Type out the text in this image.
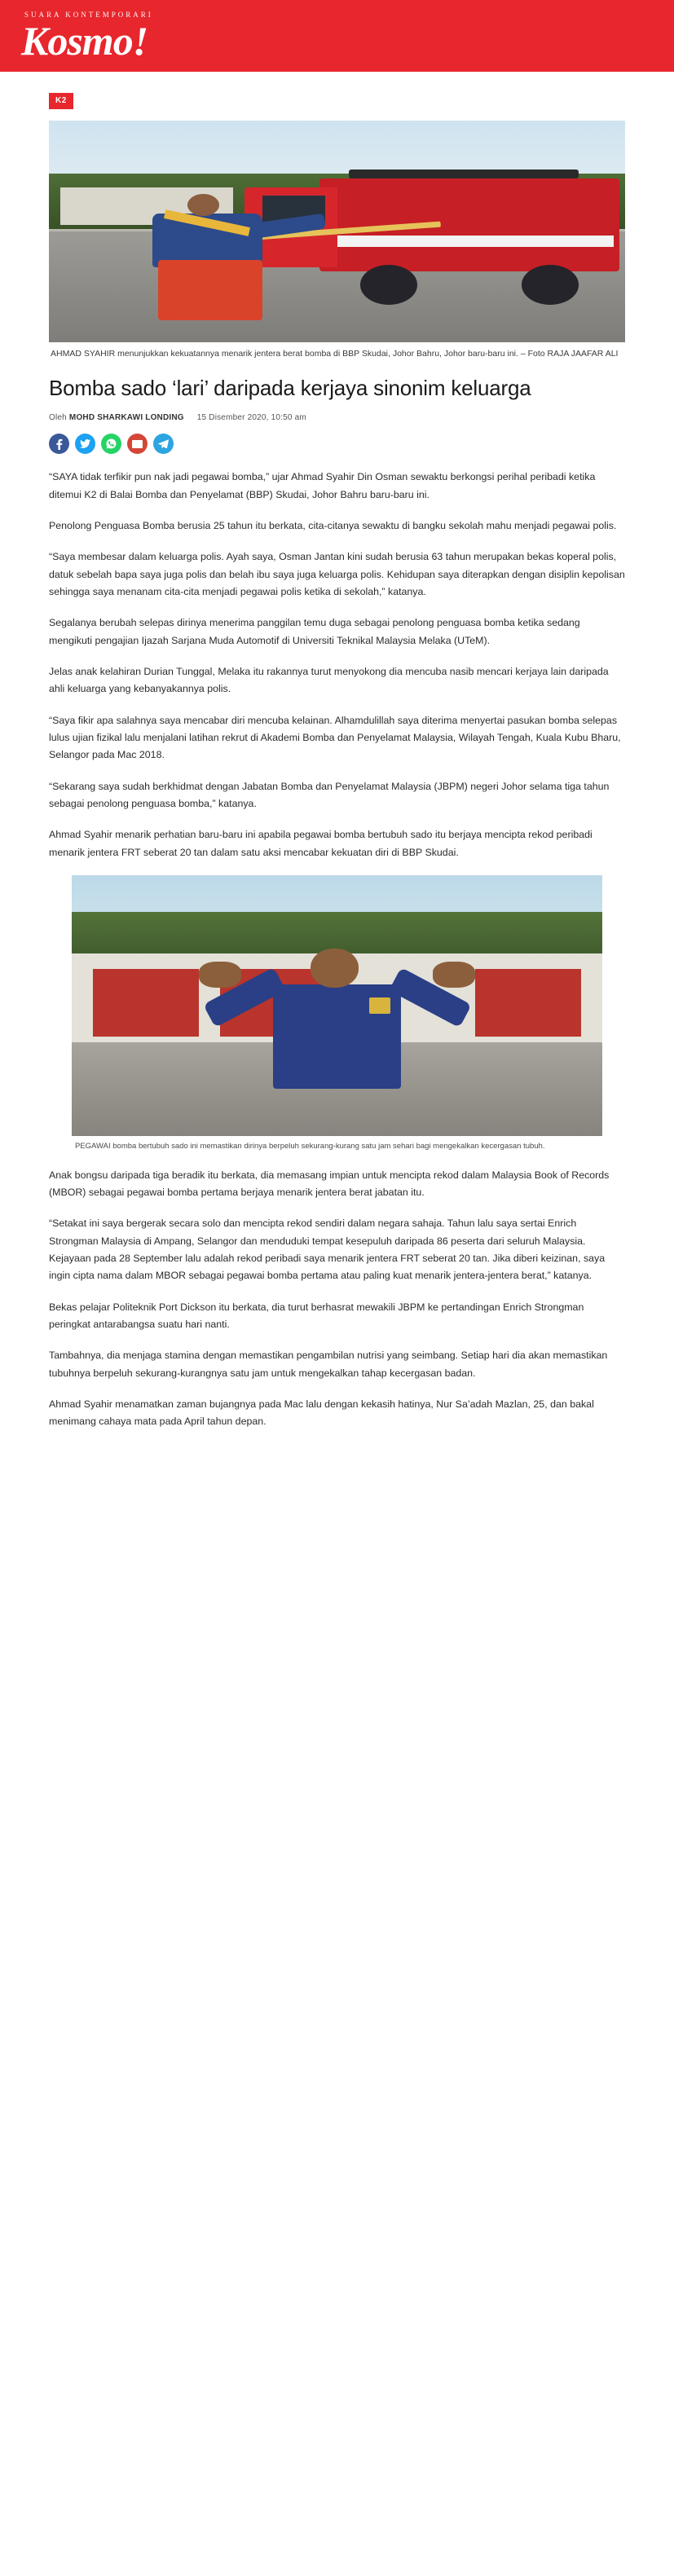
SUARA KONTEMPORARI
Kosmo!
K2
AHMAD SYAHIR menunjukkan kekuatannya menarik jentera berat bomba di BBP Skudai, Johor Bahru, Johor baru-baru ini. – Foto RAJA JAAFAR ALI
Bomba sado ‘lari’ daripada kerjaya sinonim keluarga
Oleh MOHD SHARKAWI LONDING 15 Disember 2020, 10:50 am

“SAYA tidak terfikir pun nak jadi pegawai bomba,” ujar Ahmad Syahir Din Osman sewaktu berkongsi perihal peribadi ketika ditemui K2 di Balai Bomba dan Penyelamat (BBP) Skudai, Johor Bahru baru-baru ini.

Penolong Penguasa Bomba berusia 25 tahun itu berkata, cita-citanya sewaktu di bangku sekolah mahu menjadi pegawai polis.

“Saya membesar dalam keluarga polis. Ayah saya, Osman Jantan kini sudah berusia 63 tahun merupakan bekas koperal polis, datuk sebelah bapa saya juga polis dan belah ibu saya juga keluarga polis. Kehidupan saya diterapkan dengan disiplin kepolisan sehingga saya menanam cita-cita menjadi pegawai polis ketika di sekolah,” katanya.

Segalanya berubah selepas dirinya menerima panggilan temu duga sebagai penolong penguasa bomba ketika sedang mengikuti pengajian Ijazah Sarjana Muda Automotif di Universiti Teknikal Malaysia Melaka (UTeM).

Jelas anak kelahiran Durian Tunggal, Melaka itu rakannya turut menyokong dia mencuba nasib mencari kerjaya lain daripada ahli keluarga yang kebanyakannya polis.

“Saya fikir apa salahnya saya mencabar diri mencuba kelainan. Alhamdulillah saya diterima menyertai pasukan bomba selepas lulus ujian fizikal lalu menjalani latihan rekrut di Akademi Bomba dan Penyelamat Malaysia, Wilayah Tengah, Kuala Kubu Bharu, Selangor pada Mac 2018.

“Sekarang saya sudah berkhidmat dengan Jabatan Bomba dan Penyelamat Malaysia (JBPM) negeri Johor selama tiga tahun sebagai penolong penguasa bomba,” katanya.

Ahmad Syahir menarik perhatian baru-baru ini apabila pegawai bomba bertubuh sado itu berjaya mencipta rekod peribadi menarik jentera FRT seberat 20 tan dalam satu aksi mencabar kekuatan diri di BBP Skudai.

PEGAWAI bomba bertubuh sado ini memastikan dirinya berpeluh sekurang-kurang satu jam sehari bagi mengekalkan kecergasan tubuh.

Anak bongsu daripada tiga beradik itu berkata, dia memasang impian untuk mencipta rekod dalam Malaysia Book of Records (MBOR) sebagai pegawai bomba pertama berjaya menarik jentera berat jabatan itu.

“Setakat ini saya bergerak secara solo dan mencipta rekod sendiri dalam negara sahaja. Tahun lalu saya sertai Enrich Strongman Malaysia di Ampang, Selangor dan menduduki tempat kesepuluh daripada 86 peserta dari seluruh Malaysia. Kejayaan pada 28 September lalu adalah rekod peribadi saya menarik jentera FRT seberat 20 tan. Jika diberi keizinan, saya ingin cipta nama dalam MBOR sebagai pegawai bomba pertama atau paling kuat menarik jentera-jentera berat,” katanya.

Bekas pelajar Politeknik Port Dickson itu berkata, dia turut berhasrat mewakili JBPM ke pertandingan Enrich Strongman peringkat antarabangsa suatu hari nanti.

Tambahnya, dia menjaga stamina dengan memastikan pengambilan nutrisi yang seimbang. Setiap hari dia akan memastikan tubuhnya berpeluh sekurang-kurangnya satu jam untuk mengekalkan tahap kecergasan badan.

Ahmad Syahir menamatkan zaman bujangnya pada Mac lalu dengan kekasih hatinya, Nur Sa’adah Mazlan, 25, dan bakal menimang cahaya mata pada April tahun depan.
